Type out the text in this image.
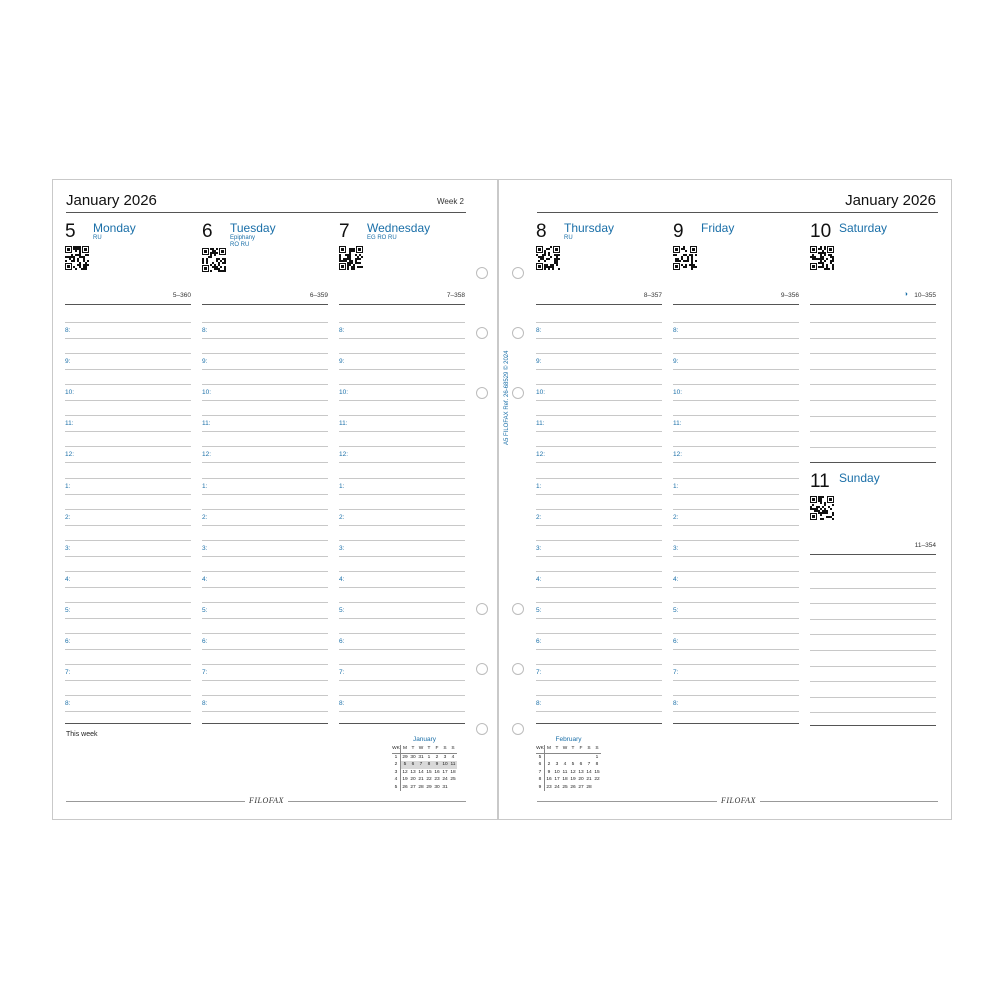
January 2026	Week 2
This week
FILOFAX
January 2026
FILOFAX
A5 FILOFAX Ref. 26-68529 © 2024
5 Monday
RU
5–360
8:
9:
10:
11:
12:
1:
2:
3:
4:
5:
6:
7:
8:
6 Tuesday
Epiphany
RO RU
6–359
8:
9:
10:
11:
12:
1:
2:
3:
4:
5:
6:
7:
8:
7 Wednesday
EG RO RU
7–358
8:
9:
10:
11:
12:
1:
2:
3:
4:
5:
6:
7:
8:
8 Thursday
RU
8–357
8:
9:
10:
11:
12:
1:
2:
3:
4:
5:
6:
7:
8:
9 Friday
9–356
8:
9:
10:
11:
12:
1:
2:
3:
4:
5:
6:
7:
8:
10 Saturday
10–355
◑
11 Sunday
11–354
January
WK	M	T	W	T	F	S	S
1	29	30	31	1	2	3	4
2	5	6	7	8	9	10	11
3	12	13	14	15	16	17	18
4	19	20	21	22	23	24	25
5	26	27	28	29	30	31	
February
WK	M	T	W	T	F	S	S
5							1
6	2	3	4	5	6	7	8
7	9	10	11	12	13	14	15
8	16	17	18	19	20	21	22
9	23	24	25	26	27	28	
